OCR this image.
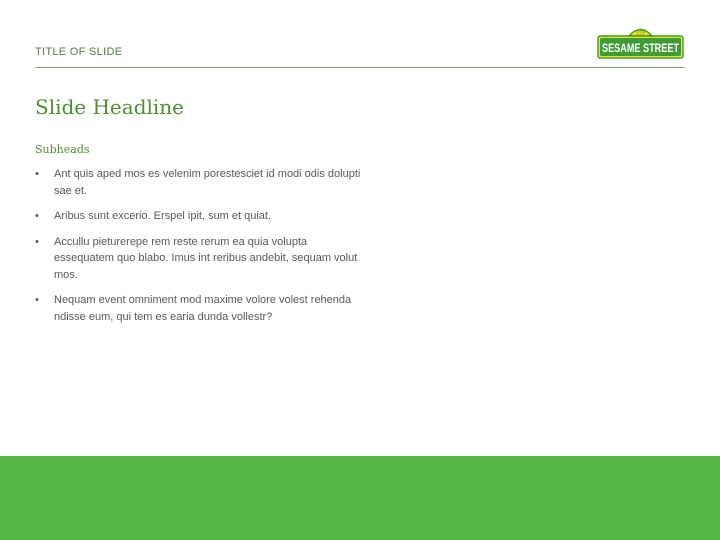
TITLE OF SLIDE
123
SESAME STREET
Slide Headline
Subheads
• Ant quis aped mos es velenim porestesciet id modi odis dolupti sae et.
• Aribus sunt excerio. Erspel ipit, sum et quiat.
• Accullu pieturerepe rem reste rerum ea quia volupta essequatem quo blabo. Imus int reribus andebit, sequam volut mos.
• Nequam event omniment mod maxime volore volest rehenda ndisse eum, qui tem es earia dunda vollestr?
